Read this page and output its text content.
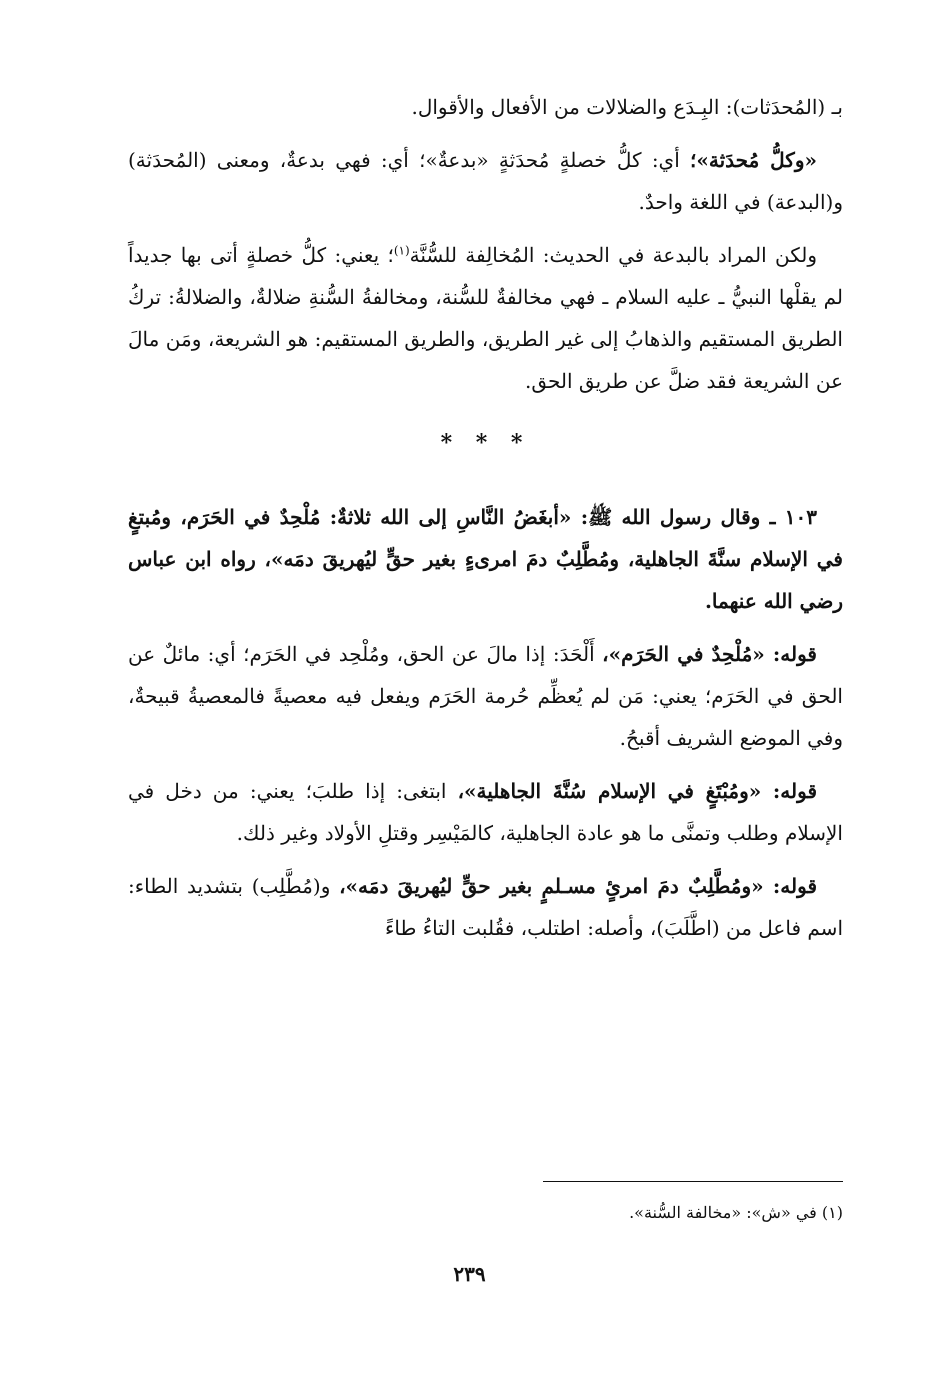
بـ (المُحدَثات): البِـدَع والضلالات من الأفعال والأقوال.

«وكلُّ مُحدَثة»؛ أي: كلُّ خصلةٍ مُحدَثةٍ «بدعةٌ»؛ أي: فهي بدعةٌ، ومعنى (المُحدَثة) و(البدعة) في اللغة واحدٌ.

ولكن المراد بالبدعة في الحديث: المُخالِفة للسُّنَّة$^{(١)}$؛ يعني: كلُّ خصلةٍ أتى بها جديداً لم يقلْها النبيُّ ـ عليه السلام ـ فهي مخالفةٌ للسُّنة، ومخالفةُ السُّنةِ ضلالةٌ، والضلالةُ: تركُ الطريق المستقيم والذهابُ إلى غير الطريق، والطريق المستقيم: هو الشريعة، ومَن مالَ عن الشريعة فقد ضلَّ عن طريق الحق.

* * *

١٠٣ ـ وقال رسول الله ﷺ: «أبغَضُ النَّاسِ إلى الله ثلاثةٌ: مُلْحِدٌ في الحَرَم، ومُبتغٍ في الإسلام سنَّةَ الجاهلية، ومُطَّلِبٌ دمَ امرىءٍ بغير حقٍّ ليُهريقَ دمَه»، رواه ابن عباس رضي الله عنهما.

قوله: «مُلْحِدٌ في الحَرَم»، أَلْحَدَ: إذا مالَ عن الحق، ومُلْحِد في الحَرَم؛ أي: مائلٌ عن الحق في الحَرَم؛ يعني: مَن لم يُعظِّم حُرمة الحَرَم ويفعل فيه معصيةً فالمعصيةُ قبيحةٌ، وفي الموضع الشريف أقبحُ.

قوله: «ومُبْتَغٍ في الإسلام سُنَّةَ الجاهلية»، ابتغى: إذا طلبَ؛ يعني: من دخل في الإسلام وطلب وتمنَّى ما هو عادة الجاهلية، كالمَيْسِر وقتلِ الأولاد وغير ذلك.

قوله: «ومُطَّلِبٌ دمَ امرئٍ مسـلمٍ بغير حقٍّ ليُهريقَ دمَه»، و(مُطَّلِب) بتشديد الطاء: اسم فاعل من (اطَّلَبَ)، وأصله: اطتلب، فقُلبت التاءُ طاءً

(١) في «ش»: «مخالفة السُّنة».
٢٣٩
